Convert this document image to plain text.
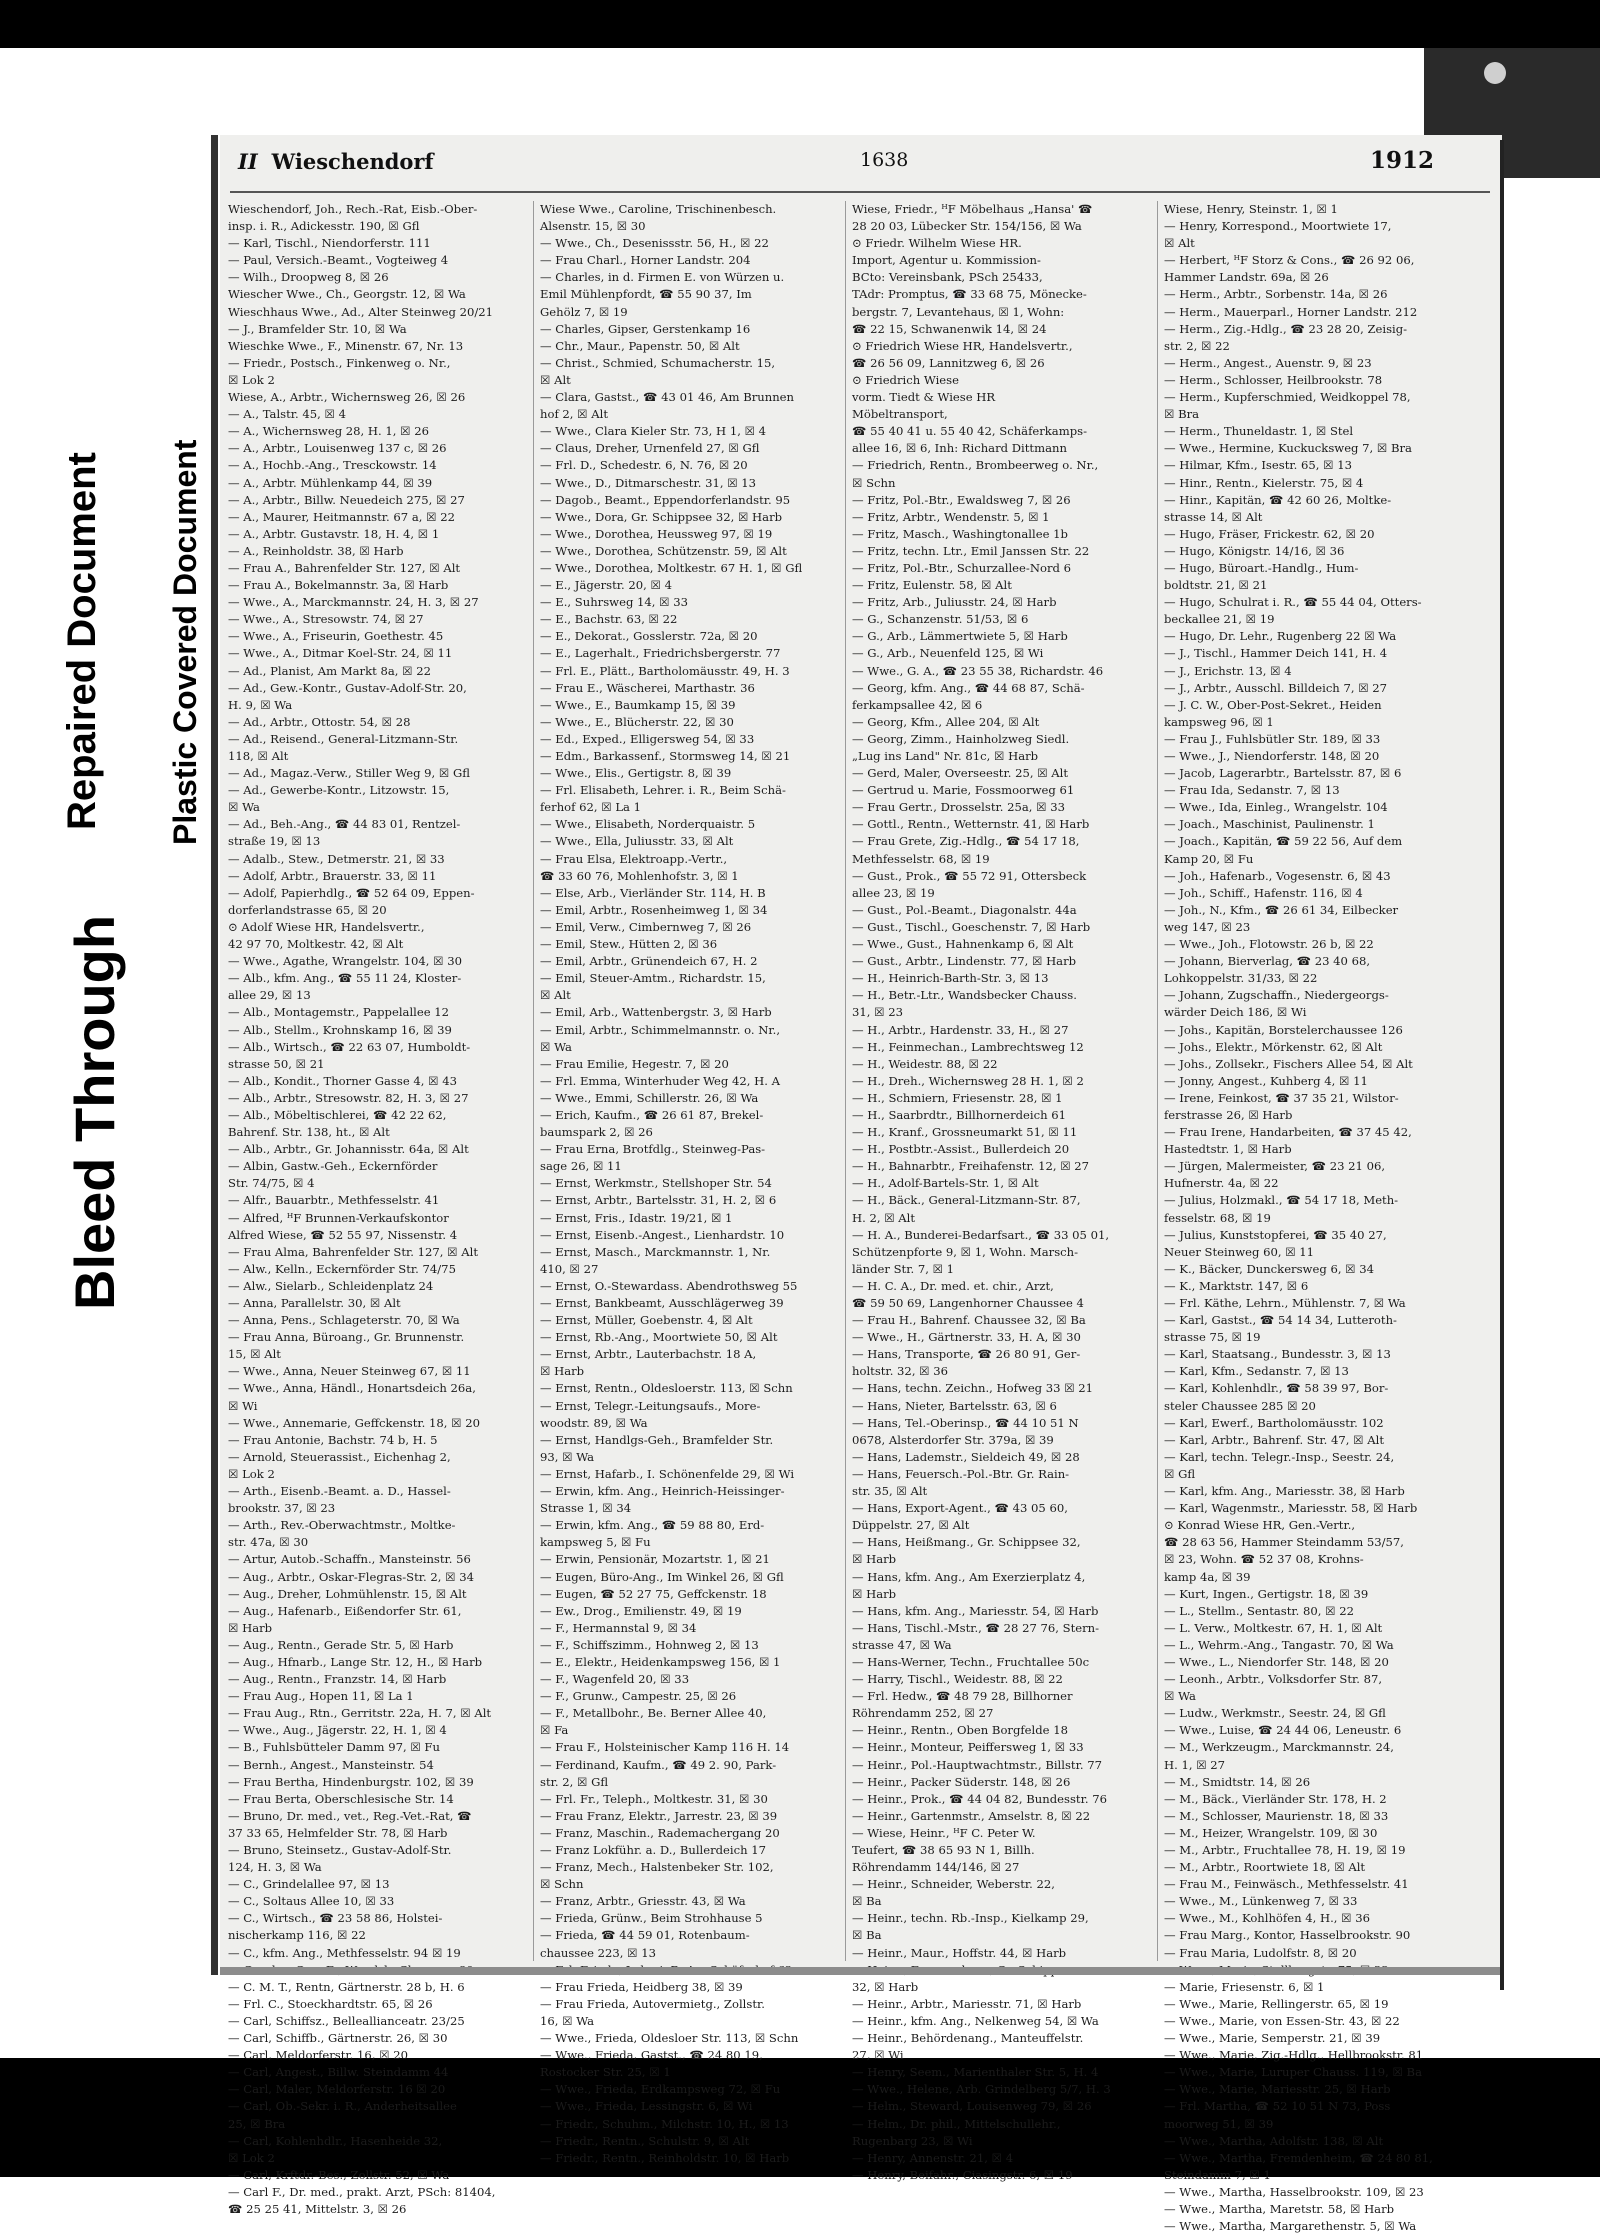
Bleed Through
Repaired Document Plastic Covered Document
II Wieschendorf	1638	1912
Wieschendorf, Joh., Rech.-Rat, Eisb.-Ober-
insp. i. R., Adickesstr. 190, ☒ Gfl
— Karl, Tischl., Niendorferstr. 111
— Paul, Versich.-Beamt., Vogteiweg 4
— Wilh., Droopweg 8, ☒ 26
Wiescher Wwe., Ch., Georgstr. 12, ☒ Wa
Wieschhaus Wwe., Ad., Alter Steinweg 20/21
— J., Bramfelder Str. 10, ☒ Wa
Wieschke Wwe., F., Minenstr. 67, Nr. 13
— Friedr., Postsch., Finkenweg o. Nr.,
☒ Lok 2
Wiese, A., Arbtr., Wichernsweg 26, ☒ 26
— A., Talstr. 45, ☒ 4
— A., Wichernsweg 28, H. 1, ☒ 26
— A., Arbtr., Louisenweg 137 c, ☒ 26
— A., Hochb.-Ang., Tresckowstr. 14
— A., Arbtr. Mühlenkamp 44, ☒ 39
— A., Arbtr., Billw. Neuedeich 275, ☒ 27
— A., Maurer, Heitmannstr. 67 a, ☒ 22
— A., Arbtr. Gustavstr. 18, H. 4, ☒ 1
— A., Reinholdstr. 38, ☒ Harb
— Frau A., Bahrenfelder Str. 127, ☒ Alt
— Frau A., Bokelmannstr. 3a, ☒ Harb
— Wwe., A., Marckmannstr. 24, H. 3, ☒ 27
— Wwe., A., Stresowstr. 74, ☒ 27
— Wwe., A., Friseurin, Goethestr. 45
— Wwe., A., Ditmar Koel-Str. 24, ☒ 11
— Ad., Planist, Am Markt 8a, ☒ 22
— Ad., Gew.-Kontr., Gustav-Adolf-Str. 20,
H. 9, ☒ Wa
— Ad., Arbtr., Ottostr. 54, ☒ 28
— Ad., Reisend., General-Litzmann-Str.
118, ☒ Alt
— Ad., Magaz.-Verw., Stiller Weg 9, ☒ Gfl
— Ad., Gewerbe-Kontr., Litzowstr. 15,
☒ Wa
— Ad., Beh.-Ang., ☎ 44 83 01, Rentzel-
straße 19, ☒ 13
— Adalb., Stew., Detmerstr. 21, ☒ 33
— Adolf, Arbtr., Brauerstr. 33, ☒ 11
— Adolf, Papierhdlg., ☎ 52 64 09, Eppen-
dorferlandstrasse 65, ☒ 20
⊙ Adolf Wiese HR, Handelsvertr.,
42 97 70, Moltkestr. 42, ☒ Alt
— Wwe., Agathe, Wrangelstr. 104, ☒ 30
— Alb., kfm. Ang., ☎ 55 11 24, Kloster-
allee 29, ☒ 13
— Alb., Montagemstr., Pappelallee 12
— Alb., Stellm., Krohnskamp 16, ☒ 39
— Alb., Wirtsch., ☎ 22 63 07, Humboldt-
strasse 50, ☒ 21
— Alb., Kondit., Thorner Gasse 4, ☒ 43
— Alb., Arbtr., Stresowstr. 82, H. 3, ☒ 27
— Alb., Möbeltischlerei, ☎ 42 22 62,
Bahrenf. Str. 138, ht., ☒ Alt
— Alb., Arbtr., Gr. Johannisstr. 64a, ☒ Alt
— Albin, Gastw.-Geh., Eckernförder
Str. 74/75, ☒ 4
— Alfr., Bauarbtr., Methfesselstr. 41
— Alfred, ᴴF Brunnen-Verkaufskontor
Alfred Wiese, ☎ 52 55 97, Nissenstr. 4
— Frau Alma, Bahrenfelder Str. 127, ☒ Alt
— Alw., Kelln., Eckernförder Str. 74/75
— Alw., Sielarb., Schleidenplatz 24
— Anna, Parallelstr. 30, ☒ Alt
— Anna, Pens., Schlageterstr. 70, ☒ Wa
— Frau Anna, Büroang., Gr. Brunnenstr.
15, ☒ Alt
— Wwe., Anna, Neuer Steinweg 67, ☒ 11
— Wwe., Anna, Händl., Honartsdeich 26a,
☒ Wi
— Wwe., Annemarie, Geffckenstr. 18, ☒ 20
— Frau Antonie, Bachstr. 74 b, H. 5
— Arnold, Steuerassist., Eichenhag 2,
☒ Lok 2
— Arth., Eisenb.-Beamt. a. D., Hassel-
brookstr. 37, ☒ 23
— Arth., Rev.-Oberwachtmstr., Moltke-
str. 47a, ☒ 30
— Artur, Autob.-Schaffn., Mansteinstr. 56
— Aug., Arbtr., Oskar-Flegras-Str. 2, ☒ 34
— Aug., Dreher, Lohmühlenstr. 15, ☒ Alt
— Aug., Hafenarb., Eißendorfer Str. 61,
☒ Harb
— Aug., Rentn., Gerade Str. 5, ☒ Harb
— Aug., Hfnarb., Lange Str. 12, H., ☒ Harb
— Aug., Rentn., Franzstr. 14, ☒ Harb
— Frau Aug., Hopen 11, ☒ La 1
— Frau Aug., Rtn., Gerritstr. 22a, H. 7, ☒ Alt
— Wwe., Aug., Jägerstr. 22, H. 1, ☒ 4
— B., Fuhlsbütteler Damm 97, ☒ Fu
— Bernh., Angest., Mansteinstr. 54
— Frau Bertha, Hindenburgstr. 102, ☒ 39
— Frau Berta, Oberschlesische Str. 14
— Bruno, Dr. med., vet., Reg.-Vet.-Rat, ☎
37 33 65, Helmfelder Str. 78, ☒ Harb
— Bruno, Steinsetz., Gustav-Adolf-Str.
124, H. 3, ☒ Wa
— C., Grindelallee 97, ☒ 13
— C., Soltaus Allee 10, ☒ 33
— C., Wirtsch., ☎ 23 58 86, Holstei-
nischerkamp 116, ☒ 22
— C., kfm. Ang., Methfesselstr. 94 ☒ 19
— C. M. T., Rentn, Gärtnerstr. 28 b, H. 6
— Frl. C., Stoeckhardtstr. 65, ☒ 26
— Carl, Schiffsz., Belleallianceatr. 23/25
— Carl, Schiffb., Gärtnerstr. 26, ☒ 30
— Carl, Meldorferstr. 16, ☒ 20
— Carl, Angest., Billw. Steindamm 44
— Carl, Maler, Meldorferstr. 16 ☒ 20
— Carl, Ob.-Sekr. i. R., Anderheitsallee
25, ☒ Bra
— Carl, Kohlenhdlr., Hasenheide 32,
☒ Lok 2
— Carl, Krftdr.-Bes., Zollstr. 52, ☒ Wa
— Carl F., Dr. med., prakt. Arzt, PSch: 81404,
☎ 25 25 41, Mittelstr. 3, ☒ 26
Wiese Wwe., Caroline, Trischinenbesch.
Alsenstr. 15, ☒ 30
— Wwe., Ch., Desenissstr. 56, H., ☒ 22
— Frau Charl., Horner Landstr. 204
— Charles, in d. Firmen E. von Würzen u.
Emil Mühlenpfordt, ☎ 55 90 37, Im
Gehölz 7, ☒ 19
— Charles, Gipser, Gerstenkamp 16
— Chr., Maur., Papenstr. 50, ☒ Alt
— Christ., Schmied, Schumacherstr. 15,
☒ Alt
— Clara, Gastst., ☎ 43 01 46, Am Brunnen
hof 2, ☒ Alt
— Wwe., Clara Kieler Str. 73, H 1, ☒ 4
— Claus, Dreher, Urnenfeld 27, ☒ Gfl
— Frl. D., Schedestr. 6, N. 76, ☒ 20
— Wwe., D., Ditmarschestr. 31, ☒ 13
— Dagob., Beamt., Eppendorferlandstr. 95
— Wwe., Dora, Gr. Schippsee 32, ☒ Harb
— Wwe., Dorothea, Heussweg 97, ☒ 19
— Wwe., Dorothea, Schützenstr. 59, ☒ Alt
— Wwe., Dorothea, Moltkestr. 67 H. 1, ☒ Gfl
— E., Jägerstr. 20, ☒ 4
— E., Suhrsweg 14, ☒ 33
— E., Bachstr. 63, ☒ 22
— E., Dekorat., Gosslerstr. 72a, ☒ 20
— E., Lagerhalt., Friedrichsbergerstr. 77
— Frl. E., Plätt., Bartholomäusstr. 49, H. 3
— Frau E., Wäscherei, Marthastr. 36
— Wwe., E., Baumkamp 15, ☒ 39
— Wwe., E., Blücherstr. 22, ☒ 30
— Ed., Exped., Elligersweg 54, ☒ 33
— Edm., Barkassenf., Stormsweg 14, ☒ 21
— Wwe., Elis., Gertigstr. 8, ☒ 39
— Frl. Elisabeth, Lehrer. i. R., Beim Schä-
ferhof 62, ☒ La 1
— Wwe., Elisabeth, Norderquaistr. 5
— Wwe., Ella, Juliusstr. 33, ☒ Alt
— Frau Elsa, Elektroapp.-Vertr.,
☎ 33 60 76, Mohlenhofstr. 3, ☒ 1
— Else, Arb., Vierländer Str. 114, H. B
— Emil, Arbtr., Rosenheimweg 1, ☒ 34
— Emil, Verw., Cimbernweg 7, ☒ 26
— Emil, Stew., Hütten 2, ☒ 36
— Emil, Arbtr., Grünendeich 67, H. 2
— Emil, Steuer-Amtm., Richardstr. 15,
☒ Alt
— Emil, Arb., Wattenbergstr. 3, ☒ Harb
— Emil, Arbtr., Schimmelmannstr. o. Nr.,
☒ Wa
— Frau Emilie, Hegestr. 7, ☒ 20
— Frl. Emma, Winterhuder Weg 42, H. A
— Wwe., Emmi, Schillerstr. 26, ☒ Wa
— Erich, Kaufm., ☎ 26 61 87, Brekel-
baumspark 2, ☒ 26
— Frau Erna, Brotfdlg., Steinweg-Pas-
sage 26, ☒ 11
— Ernst, Werkmstr., Stellshoper Str. 54
— Ernst, Arbtr., Bartelsstr. 31, H. 2, ☒ 6
— Ernst, Fris., Idastr. 19/21, ☒ 1
— Ernst, Eisenb.-Angest., Lienhardstr. 10
— Ernst, Masch., Marckmannstr. 1, Nr.
410, ☒ 27
— Ernst, O.-Stewardass. Abendrothsweg 55
— Ernst, Bankbeamt, Ausschlägerweg 39
— Ernst, Müller, Goebenstr. 4, ☒ Alt
— Ernst, Rb.-Ang., Moortwiete 50, ☒ Alt
— Ernst, Arbtr., Lauterbachstr. 18 A,
☒ Harb
— Ernst, Rentn., Oldesloerstr. 113, ☒ Schn
— Ernst, Telegr.-Leitungsaufs., More-
woodstr. 89, ☒ Wa
— Ernst, Handlgs-Geh., Bramfelder Str.
93, ☒ Wa
— Ernst, Hafarb., I. Schönenfelde 29, ☒ Wi
— Erwin, kfm. Ang., Heinrich-Heissinger-
Strasse 1, ☒ 34
— Erwin, kfm. Ang., ☎ 59 88 80, Erd-
kampsweg 5, ☒ Fu
— Erwin, Pensionär, Mozartstr. 1, ☒ 21
— Eugen, Büro-Ang., Im Winkel 26, ☒ Gfl
— Eugen, ☎ 52 27 75, Geffckenstr. 18
— Ew., Drog., Emilienstr. 49, ☒ 19
— F., Hermannstal 9, ☒ 34
— F., Schiffszimm., Hohnweg 2, ☒ 13
— E., Elektr., Heidenkampsweg 156, ☒ 1
— F., Wagenfeld 20, ☒ 33
— F., Grunw., Campestr. 25, ☒ 26
— F., Metallbohr., Be. Berner Allee 40,
☒ Fa
— Frau F., Holsteinischer Kamp 116 H. 14
— Ferdinand, Kaufm., ☎ 49 2. 90, Park-
str. 2, ☒ Gfl
— Frl. Fr., Teleph., Moltkestr. 31, ☒ 30
— Frau Franz, Elektr., Jarrestr. 23, ☒ 39
— Franz, Maschin., Rademachergang 20
— Franz Lokführ. a. D., Bullerdeich 17
— Franz, Mech., Halstenbeker Str. 102,
☒ Schn
— Franz, Arbtr., Griesstr. 43, ☒ Wa
— Frieda, Grünw., Beim Strohhause 5
— Frieda, ☎ 44 59 01, Rotenbaum-
chaussee 223, ☒ 13
— Frau Frieda, Heidberg 38, ☒ 39
— Frau Frieda, Autovermietg., Zollstr.
16, ☒ Wa
— Wwe., Frieda, Oldesloer Str. 113, ☒ Schn
— Wwe., Frieda, Gastst., ☎ 24 80 19,
Rostocker Str. 25, ☒ 1
— Wwe., Frieda, Erdkampsweg 72, ☒ Fu
— Wwe., Frieda, Lessingstr. 6, ☒ Wi
— Friedr., Schuhm., Milchstr. 10, H., ☒ 13
— Friedr., Rentn., Schulstr. 9, ☒ Alt
— Friedr., Rentn., Reinholdstr. 10, ☒ Harb
Wiese, Friedr., ᴴF Möbelhaus „Hansa' ☎
28 20 03, Lübecker Str. 154/156, ☒ Wa
⊙ Friedr. Wilhelm Wiese HR.
Import, Agentur u. Kommission-
BCto: Vereinsbank, PSch 25433,
TAdr: Promptus, ☎ 33 68 75, Mönecke-
bergstr. 7, Levantehaus, ☒ 1, Wohn:
☎ 22 15, Schwanenwik 14, ☒ 24
⊙ Friedrich Wiese HR, Handelsvertr.,
☎ 26 56 09, Lannitzweg 6, ☒ 26
⊙ Friedrich Wiese
vorm. Tiedt & Wiese HR
Möbeltransport,
☎ 55 40 41 u. 55 40 42, Schäferkamps-
allee 16, ☒ 6, Inh: Richard Dittmann
— Friedrich, Rentn., Brombeerweg o. Nr.,
☒ Schn
— Fritz, Pol.-Btr., Ewaldsweg 7, ☒ 26
— Fritz, Arbtr., Wendenstr. 5, ☒ 1
— Fritz, Masch., Washingtonallee 1b
— Fritz, techn. Ltr., Emil Janssen Str. 22
— Fritz, Pol.-Btr., Schurzallee-Nord 6
— Fritz, Eulenstr. 58, ☒ Alt
— Fritz, Arb., Juliusstr. 24, ☒ Harb
— G., Schanzenstr. 51/53, ☒ 6
— G., Arb., Lämmertwiete 5, ☒ Harb
— G., Arb., Neuenfeld 125, ☒ Wi
— Wwe., G. A., ☎ 23 55 38, Richardstr. 46
— Georg, kfm. Ang., ☎ 44 68 87, Schä-
ferkampsallee 42, ☒ 6
— Georg, Kfm., Allee 204, ☒ Alt
— Georg, Zimm., Hainholzweg Siedl.
„Lug ins Land" Nr. 81c, ☒ Harb
— Gerd, Maler, Overseestr. 25, ☒ Alt
— Gertrud u. Marie, Fossmoorweg 61
— Frau Gertr., Drosselstr. 25a, ☒ 33
— Gottl., Rentn., Wetternstr. 41, ☒ Harb
— Frau Grete, Zig.-Hdlg., ☎ 54 17 18,
Methfesselstr. 68, ☒ 19
— Gust., Prok., ☎ 55 72 91, Ottersbeck
allee 23, ☒ 19
— Gust., Pol.-Beamt., Diagonalstr. 44a
— Gust., Tischl., Goeschenstr. 7, ☒ Harb
— Wwe., Gust., Hahnenkamp 6, ☒ Alt
— Gust., Arbtr., Lindenstr. 77, ☒ Harb
— H., Heinrich-Barth-Str. 3, ☒ 13
— H., Betr.-Ltr., Wandsbecker Chauss.
31, ☒ 23
— H., Arbtr., Hardenstr. 33, H., ☒ 27
— H., Feinmechan., Lambrechtsweg 12
— H., Weidestr. 88, ☒ 22
— H., Dreh., Wichernsweg 28 H. 1, ☒ 2
— H., Schmiern, Friesenstr. 28, ☒ 1
— H., Saarbrdtr., Billhornerdeich 61
— H., Kranf., Grossneumarkt 51, ☒ 11
— H., Postbtr.-Assist., Bullerdeich 20
— H., Bahnarbtr., Freihafenstr. 12, ☒ 27
— H., Adolf-Bartels-Str. 1, ☒ Alt
— H., Bäck., General-Litzmann-Str. 87,
H. 2, ☒ Alt
— H. A., Bunderei-Bedarfsart., ☎ 33 05 01,
Schützenpforte 9, ☒ 1, Wohn. Marsch-
länder Str. 7, ☒ 1
— H. C. A., Dr. med. et. chir., Arzt,
☎ 59 50 69, Langenhorner Chaussee 4
— Frau H., Bahrenf. Chaussee 32, ☒ Ba
— Wwe., H., Gärtnerstr. 33, H. A, ☒ 30
— Hans, Transporte, ☎ 26 80 91, Ger-
holtstr. 32, ☒ 36
— Hans, techn. Zeichn., Hofweg 33 ☒ 21
— Hans, Nieter, Bartelsstr. 63, ☒ 6
— Hans, Tel.-Oberinsp., ☎ 44 10 51 N
0678, Alsterdorfer Str. 379a, ☒ 39
— Hans, Lademstr., Sieldeich 49, ☒ 28
— Hans, Feuersch.-Pol.-Btr. Gr. Rain-
str. 35, ☒ Alt
— Hans, Export-Agent., ☎ 43 05 60,
Düppelstr. 27, ☒ Alt
— Hans, Heißmang., Gr. Schippsee 32,
☒ Harb
— Hans, kfm. Ang., Am Exerzierplatz 4,
☒ Harb
— Hans, kfm. Ang., Mariesstr. 54, ☒ Harb
— Hans, Tischl.-Mstr., ☎ 28 27 76, Stern-
strasse 47, ☒ Wa
— Hans-Werner, Techn., Fruchtallee 50c
— Harry, Tischl., Weidestr. 88, ☒ 22
— Frl. Hedw., ☎ 48 79 28, Billhorner
Röhrendamm 252, ☒ 27
— Heinr., Rentn., Oben Borgfelde 18
— Heinr., Monteur, Peiffersweg 1, ☒ 33
— Heinr., Pol.-Hauptwachtmstr., Billstr. 77
— Heinr., Packer Süderstr. 148, ☒ 26
— Heinr., Prok., ☎ 44 04 82, Bundesstr. 76
— Heinr., Gartenmstr., Amselstr. 8, ☒ 22
— Wiese, Heinr., ᴴF C. Peter W.
Teufert, ☎ 38 65 93 N 1, Billh.
Röhrendamm 144/146, ☒ 27
— Heinr., Schneider, Weberstr. 22,
☒ Ba
— Heinr., techn. Rb.-Insp., Kielkamp 29,
☒ Ba
— Heinr., Maur., Hoffstr. 44, ☒ Harb
32, ☒ Harb
— Heinr., Arbtr., Mariesstr. 71, ☒ Harb
— Heinr., kfm. Ang., Nelkenweg 54, ☒ Wa
— Heinr., Behördenang., Manteuffelstr.
27, ☒ Wi
— Henry, Seem., Marienthaler Str. 5, H. 4
— Wwe., Helene, Arb. Grindelberg 5/7, H. 3
— Helm., Steward, Louisenweg 79, ☒ 26
— Helm., Dr. phil., Mittelschullehr.,
Rugenbarg 23, ☒ Wi
— Henry, Annenstr. 21, ☒ 4
— Henry, Beifahr., Ciasingstr. 6, ☒ 19
Wiese, Henry, Steinstr. 1, ☒ 1
— Henry, Korrespond., Moortwiete 17,
☒ Alt
— Herbert, ᴴF Storz & Cons., ☎ 26 92 06,
Hammer Landstr. 69a, ☒ 26
— Herm., Arbtr., Sorbenstr. 14a, ☒ 26
— Herm., Mauerparl., Horner Landstr. 212
— Herm., Zig.-Hdlg., ☎ 23 28 20, Zeisig-
str. 2, ☒ 22
— Herm., Angest., Auenstr. 9, ☒ 23
— Herm., Schlosser, Heilbrookstr. 78
— Herm., Kupferschmied, Weidkoppel 78,
☒ Bra
— Herm., Thuneldastr. 1, ☒ Stel
— Wwe., Hermine, Kuckucksweg 7, ☒ Bra
— Hilmar, Kfm., Isestr. 65, ☒ 13
— Hinr., Rentn., Kielerstr. 75, ☒ 4
— Hinr., Kapitän, ☎ 42 60 26, Moltke-
strasse 14, ☒ Alt
— Hugo, Fräser, Frickestr. 62, ☒ 20
— Hugo, Königstr. 14/16, ☒ 36
— Hugo, Bürоart.-Handlg., Hum-
boldtstr. 21, ☒ 21
— Hugo, Schulrat i. R., ☎ 55 44 04, Otters-
beckallee 21, ☒ 19
— Hugo, Dr. Lehr., Rugenberg 22 ☒ Wa
— J., Tischl., Hammer Deich 141, H. 4
— J., Erichstr. 13, ☒ 4
— J., Arbtr., Ausschl. Billdeich 7, ☒ 27
— J. C. W., Ober-Post-Sekret., Heiden
kampsweg 96, ☒ 1
— Frau J., Fuhlsbütler Str. 189, ☒ 33
— Wwe., J., Niendorferstr. 148, ☒ 20
— Jacob, Lagerarbtr., Bartelsstr. 87, ☒ 6
— Frau Ida, Sedanstr. 7, ☒ 13
— Wwe., Ida, Einleg., Wrangelstr. 104
— Joach., Maschinist, Paulinenstr. 1
— Joach., Kapitän, ☎ 59 22 56, Auf dem
Kamp 20, ☒ Fu
— Joh., Hafenarb., Vogesenstr. 6, ☒ 43
— Joh., Schiff., Hafenstr. 116, ☒ 4
— Joh., N., Kfm., ☎ 26 61 34, Eilbecker
weg 147, ☒ 23
— Wwe., Joh., Flotowstr. 26 b, ☒ 22
— Johann, Bierverlag, ☎ 23 40 68,
Lohkoppelstr. 31/33, ☒ 22
— Johann, Zugschaffn., Niedergeorgs-
wärder Deich 186, ☒ Wi
— Johs., Kapitän, Borstelerchaussee 126
— Johs., Elektr., Mörkenstr. 62, ☒ Alt
— Johs., Zollsekr., Fischers Allee 54, ☒ Alt
— Jonny, Angest., Kuhberg 4, ☒ 11
— Irene, Feinkost, ☎ 37 35 21, Wilstor-
ferstrasse 26, ☒ Harb
— Frau Irene, Handarbeiten, ☎ 37 45 42,
Hastedtstr. 1, ☒ Harb
— Jürgen, Malermeister, ☎ 23 21 06,
Hufnerstr. 4a, ☒ 22
— Julius, Holzmakl., ☎ 54 17 18, Meth-
fesselstr. 68, ☒ 19
— Julius, Kunststopferei, ☎ 35 40 27,
Neuer Steinweg 60, ☒ 11
— K., Bäcker, Dunckersweg 6, ☒ 34
— K., Marktstr. 147, ☒ 6
— Frl. Käthe, Lehrn., Mühlenstr. 7, ☒ Wa
— Karl, Gastst., ☎ 54 14 34, Lutteroth-
strasse 75, ☒ 19
— Karl, Staatsang., Bundesstr. 3, ☒ 13
— Karl, Kfm., Sedanstr. 7, ☒ 13
— Karl, Kohlenhdlr., ☎ 58 39 97, Bor-
steler Chaussee 285 ☒ 20
— Karl, Ewerf., Bartholomäusstr. 102
— Karl, Arbtr., Bahrenf. Str. 47, ☒ Alt
— Karl, techn. Telegr.-Insp., Seestr. 24,
☒ Gfl
— Karl, kfm. Ang., Mariesstr. 38, ☒ Harb
— Karl, Wagenmstr., Mariesstr. 58, ☒ Harb
⊙ Konrad Wiese HR, Gen.-Vertr.,
☎ 28 63 56, Hammer Steindamm 53/57,
☒ 23, Wohn. ☎ 52 37 08, Krohns-
kamp 4a, ☒ 39
— Kurt, Ingen., Gertigstr. 18, ☒ 39
— L., Stellm., Sentastr. 80, ☒ 22
— L. Verw., Moltkestr. 67, H. 1, ☒ Alt
— L., Wehrm.-Ang., Tangastr. 70, ☒ Wa
— Wwe., L., Niendorfer Str. 148, ☒ 20
— Leonh., Arbtr., Volksdorfer Str. 87,
☒ Wa
— Ludw., Werkmstr., Seestr. 24, ☒ Gfl
— Wwe., Luise, ☎ 24 44 06, Leneustr. 6
— M., Werkzeugm., Marckmannstr. 24,
H. 1, ☒ 27
— M., Smidtstr. 14, ☒ 26
— M., Bäck., Vierländer Str. 178, H. 2
— M., Schlosser, Maurienstr. 18, ☒ 33
— M., Heizer, Wrangelstr. 109, ☒ 30
— M., Arbtr., Fruchtallee 78, H. 19, ☒ 19
— M., Arbtr., Roortwiete 18, ☒ Alt
— Frau M., Feinwäsch., Methfesselstr. 41
— Wwe., M., Lünkenweg 7, ☒ 33
— Wwe., M., Kohlhöfen 4, H., ☒ 36
— Frau Marg., Kontor, Hasselbrookstr. 90
— Frau Maria, Ludolfstr. 8, ☒ 20
— Marie, Friesenstr. 6, ☒ 1
— Wwe., Marie, Rellingerstr. 65, ☒ 19
— Wwe., Marie, von Essen-Str. 43, ☒ 22
— Wwe., Marie, Semperstr. 21, ☒ 39
— Wwe., Marie, Zig.-Hdlg., Hellbrookstr. 81
— Wwe., Marie, Luruper Chauss. 119, ☒ Ba
— Wwe., Marie, Mariesstr. 25, ☒ Harb
— Frl. Martha, ☎ 52 10 51 N 73, Poss
moorweg 51, ☒ 39
— Wwe., Martha, Adolfstr. 138, ☒ Alt
— Wwe., Martha, Fremdenheim, ☎ 24 80 81,
Steindamm 7, ☒ 1
— Wwe., Martha, Hasselbrookstr. 109, ☒ 23
— Wwe., Martha, Maretstr. 58, ☒ Harb
— Wwe., Martha, Margarethenstr. 5, ☒ Wa
